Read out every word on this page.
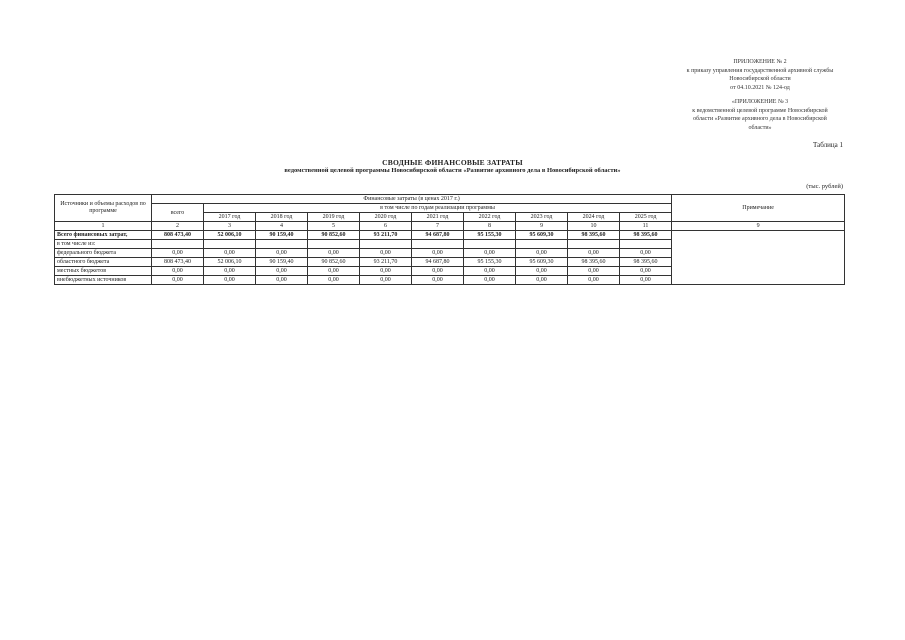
ПРИЛОЖЕНИЕ № 2
к приказу управления государственной архивной службы
Новосибирской области
от 04.10.2021 № 124-од
«ПРИЛОЖЕНИЕ № 3
к ведомственной целевой программе Новосибирской
области «Развитие архивного дела в Новосибирской
области»
Таблица 1
СВОДНЫЕ ФИНАНСОВЫЕ ЗАТРАТЫ
ведомственной целевой программы Новосибирской области «Развитие архивного дела в Новосибирской области»
(тыс. рублей)
Источники и объемы расходов по программе	Финансовые затраты (в ценах 2017 г.)										Примечание
	всего	в том числе по годам реализации программы									
		2017 год	2018 год	2019 год	2020 год	2021 год	2022 год	2023 год	2024 год	2025 год	
1	2	3	4	5	6	7	8	9	10	11	9
Всего финансовых затрат,	808 473,40	52 006,10	90 159,40	90 852,60	93 211,70	94 687,80	95 155,30	95 609,30	98 395,60	98 395,60	
в том числе из:											
федерального бюджета	0,00	0,00	0,00	0,00	0,00	0,00	0,00	0,00	0,00	0,00	
областного бюджета	808 473,40	52 006,10	90 159,40	90 852,60	93 211,70	94 687,80	95 155,30	95 609,30	98 395,60	98 395,60	
местных бюджетов	0,00	0,00	0,00	0,00	0,00	0,00	0,00	0,00	0,00	0,00	
внебюджетных источников	0,00	0,00	0,00	0,00	0,00	0,00	0,00	0,00	0,00	0,00	
